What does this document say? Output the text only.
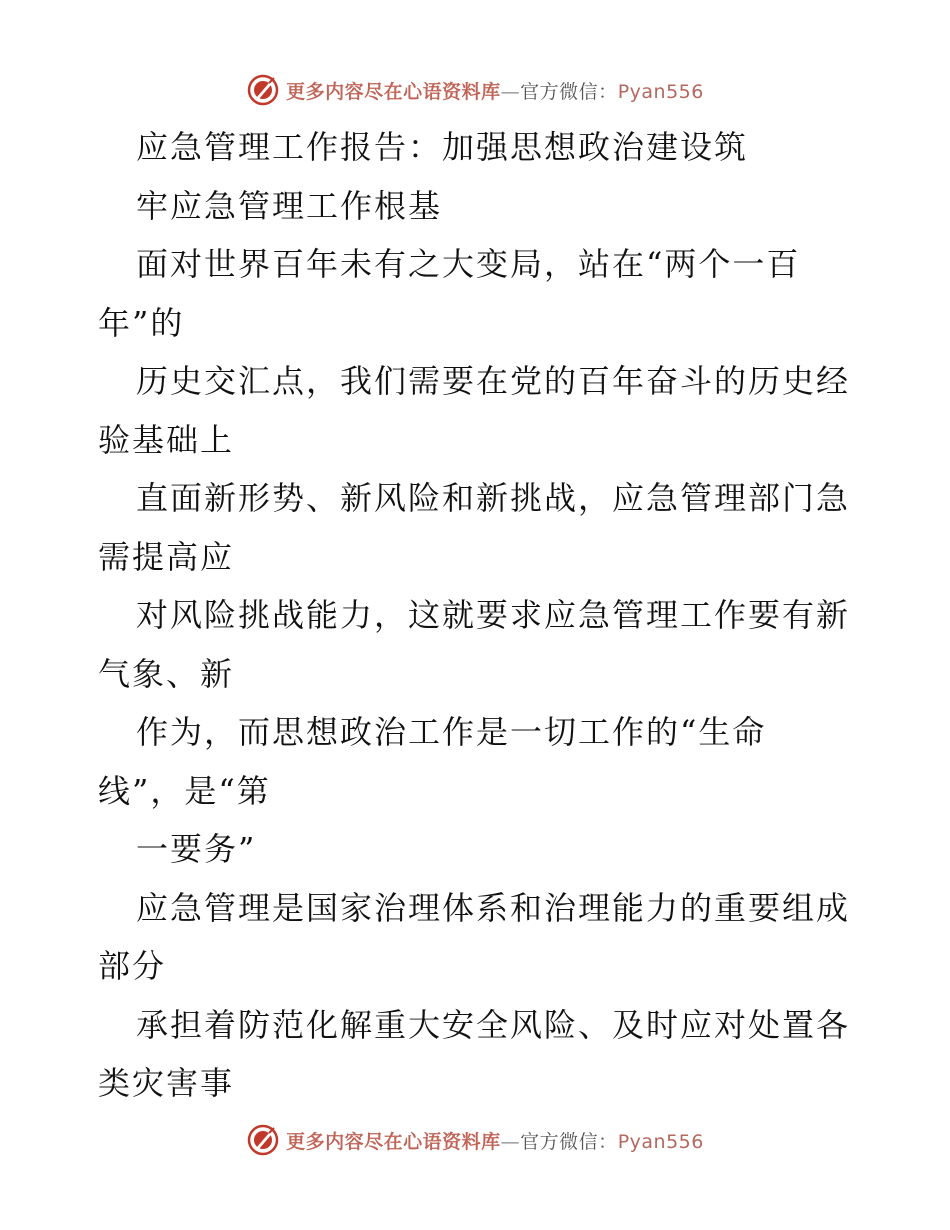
更多内容尽在心语资料库—官方微信：Pyan556
应急管理工作报告：加强思想政治建设筑
牢应急管理工作根基
面对世界百年未有之大变局，站在“两个一百
年”的
历史交汇点，我们需要在党的百年奋斗的历史经
验基础上
直面新形势、新风险和新挑战，应急管理部门急
需提高应
对风险挑战能力，这就要求应急管理工作要有新
气象、新
作为，而思想政治工作是一切工作的“生命
线”，是“第
一要务”
应急管理是国家治理体系和治理能力的重要组成
部分
承担着防范化解重大安全风险、及时应对处置各
类灾害事
更多内容尽在心语资料库—官方微信：Pyan556
